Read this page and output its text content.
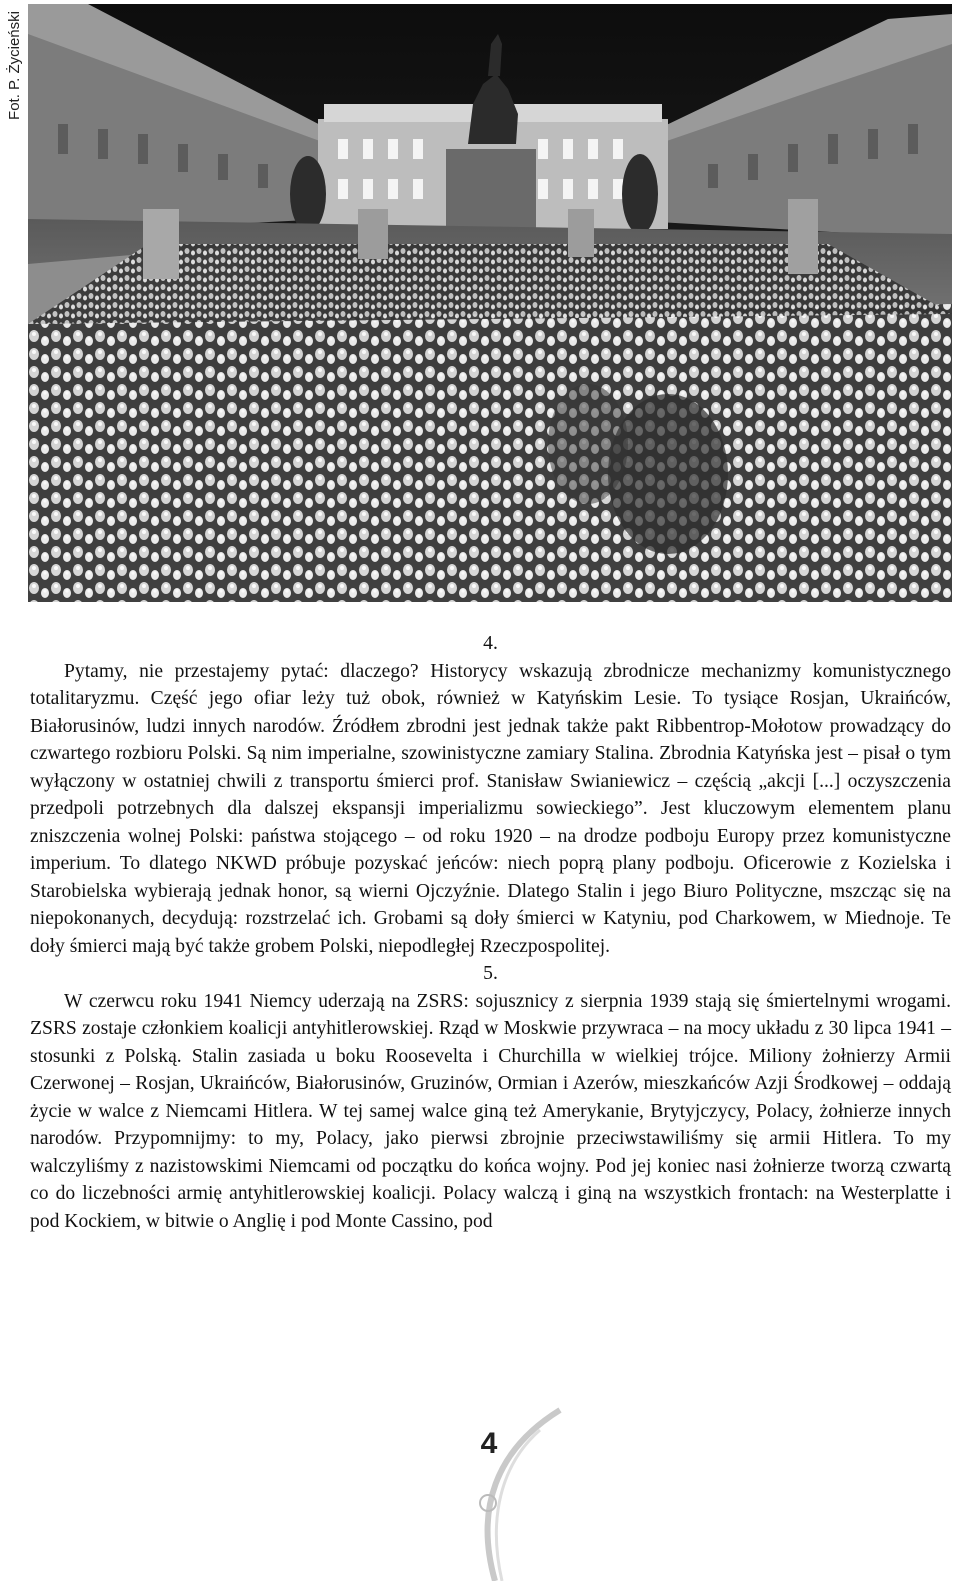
Fot. P. Życieński

4.

Pytamy, nie przestajemy pytać: dlaczego? Historycy wskazują zbrodnicze mechanizmy komunistycznego totalitaryzmu. Część jego ofiar leży tuż obok, również w Katyńskim Lesie. To tysiące Rosjan, Ukraińców, Białorusinów, ludzi innych narodów. Źródłem zbrodni jest jednak także pakt Ribbentrop-Mołotow prowadzący do czwartego rozbioru Polski. Są nim imperialne, szowinistyczne zamiary Stalina. Zbrodnia Katyńska jest – pisał o tym wyłączony w ostatniej chwili z transportu śmierci prof. Stanisław Swianiewicz – częścią „akcji [...] oczyszczenia przedpoli potrzebnych dla dalszej ekspansji imperializmu sowieckiego”. Jest kluczowym elementem planu zniszczenia wolnej Polski: państwa stojącego – od roku 1920 – na drodze podboju Europy przez komunistyczne imperium. To dlatego NKWD próbuje pozyskać jeńców: niech poprą plany podboju. Oficerowie z Kozielska i Starobielska wybierają jednak honor, są wierni Ojczyźnie. Dlatego Stalin i jego Biuro Polityczne, mszcząc się na niepokonanych, decydują: rozstrzelać ich. Grobami są doły śmierci w Katyniu, pod Charkowem, w Miednoje. Te doły śmierci mają być także grobem Polski, niepodległej Rzeczpospolitej.

5.

W czerwcu roku 1941 Niemcy uderzają na ZSRS: sojusznicy z sierpnia 1939 stają się śmiertelnymi wrogami. ZSRS zostaje członkiem koalicji antyhitlerowskiej. Rząd w Moskwie przywraca – na mocy układu z 30 lipca 1941 – stosunki z Polską. Stalin zasiada u boku Roosevelta i Churchilla w wielkiej trójce. Miliony żołnierzy Armii Czerwonej – Rosjan, Ukraińców, Białorusinów, Gruzinów, Ormian i Azerów, mieszkańców Azji Środkowej – oddają życie w walce z Niemcami Hitlera. W tej samej walce giną też Amerykanie, Brytyjczycy, Polacy, żołnierze innych narodów. Przypomnijmy: to my, Polacy, jako pierwsi zbrojnie przeciwstawiliśmy się armii Hitlera. To my walczyliśmy z nazistowskimi Niemcami od początku do końca wojny. Pod jej koniec nasi żołnierze tworzą czwartą co do liczebności armię antyhitlerowskiej koalicji. Polacy walczą i giną na wszystkich frontach: na Westerplatte i pod Kockiem, w bitwie o Anglię i pod Monte Cassino, pod

4
